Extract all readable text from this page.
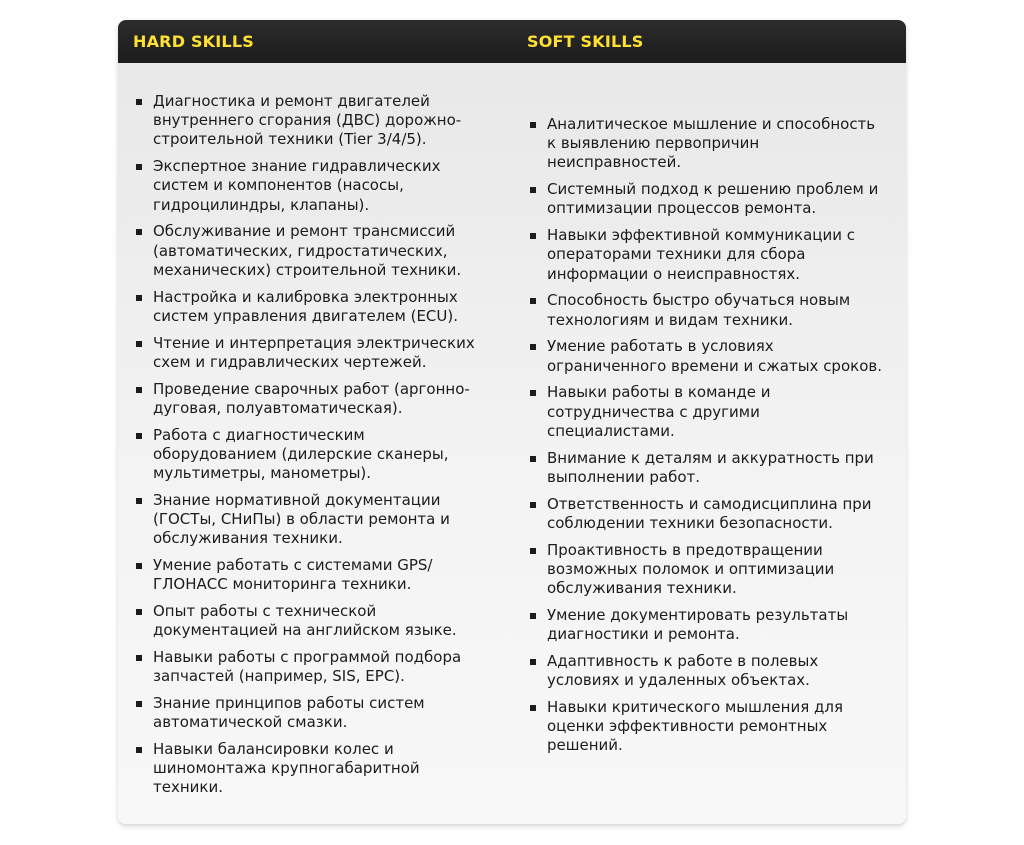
HARD SKILLS	SOFT SKILLS
Диагностика и ремонт двигателей внутреннего сгорания (ДВС) дорожно-строительной техники (Tier 3/4/5).
Экспертное знание гидравлических систем и компонентов (насосы, гидроцилиндры, клапаны).
Обслуживание и ремонт трансмиссий (автоматических, гидростатических, механических) строительной техники.
Настройка и калибровка электронных систем управления двигателем (ECU).
Чтение и интерпретация электрических схем и гидравлических чертежей.
Проведение сварочных работ (аргонно-дуговая, полуавтоматическая).
Работа с диагностическим оборудованием (дилерские сканеры, мультиметры, манометры).
Знание нормативной документации (ГОСТы, СНиПы) в области ремонта и обслуживания техники.
Умение работать с системами GPS/ ГЛОНАСС мониторинга техники.
Опыт работы с технической документацией на английском языке.
Навыки работы с программой подбора запчастей (например, SIS, EPC).
Знание принципов работы систем автоматической смазки.
Навыки балансировки колес и шиномонтажа крупногабаритной техники.
Аналитическое мышление и способность к выявлению первопричин неисправностей.
Системный подход к решению проблем и оптимизации процессов ремонта.
Навыки эффективной коммуникации с операторами техники для сбора информации о неисправностях.
Способность быстро обучаться новым технологиям и видам техники.
Умение работать в условиях ограниченного времени и сжатых сроков.
Навыки работы в команде и сотрудничества с другими специалистами.
Внимание к деталям и аккуратность при выполнении работ.
Ответственность и самодисциплина при соблюдении техники безопасности.
Проактивность в предотвращении возможных поломок и оптимизации обслуживания техники.
Умение документировать результаты диагностики и ремонта.
Адаптивность к работе в полевых условиях и удаленных объектах.
Навыки критического мышления для оценки эффективности ремонтных решений.
